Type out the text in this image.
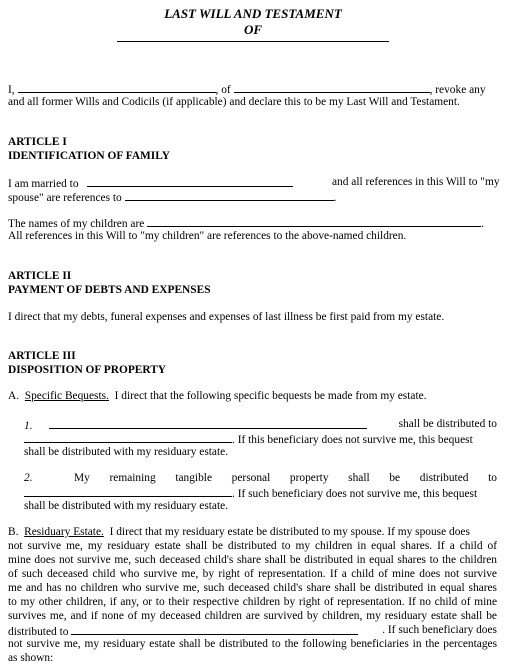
LAST WILL AND TESTAMENT
OF
I,	, of	, revoke any
and all former Wills and Codicils (if applicable) and declare this to be my Last Will and Testament.
ARTICLE I
IDENTIFICATION OF FAMILY
I am married to	and all references in this Will to "my
spouse" are references to	.
The names of my children are	.
All references in this Will to "my children" are references to the above-named children.
ARTICLE II
PAYMENT OF DEBTS AND EXPENSES
I direct that my debts, funeral expenses and expenses of last illness be first paid from my estate.
ARTICLE III
DISPOSITION OF PROPERTY
A. Specific Bequests. I direct that the following specific bequests be made from my estate.
1.	shall be distributed to
. If this beneficiary does not survive me, this bequest
shall be distributed with my residuary estate.
2.	My remaining tangible personal property shall be distributed to
. If such beneficiary does not survive me, this bequest
shall be distributed with my residuary estate.
B. Residuary Estate. I direct that my residuary estate be distributed to my spouse. If my spouse does
not survive me, my residuary estate shall be distributed to my children in equal shares. If a child of
mine does not survive me, such deceased child's share shall be distributed in equal shares to the children
of such deceased child who survive me, by right of representation. If a child of mine does not survive
me and has no children who survive me, such deceased child's share shall be distributed in equal shares
to my other children, if any, or to their respective children by right of representation. If no child of mine
survives me, and if none of my deceased children are survived by children, my residuary estate shall be
distributed to	. If such beneficiary does
not survive me, my residuary estate shall be distributed to the following beneficiaries in the percentages
as shown:
